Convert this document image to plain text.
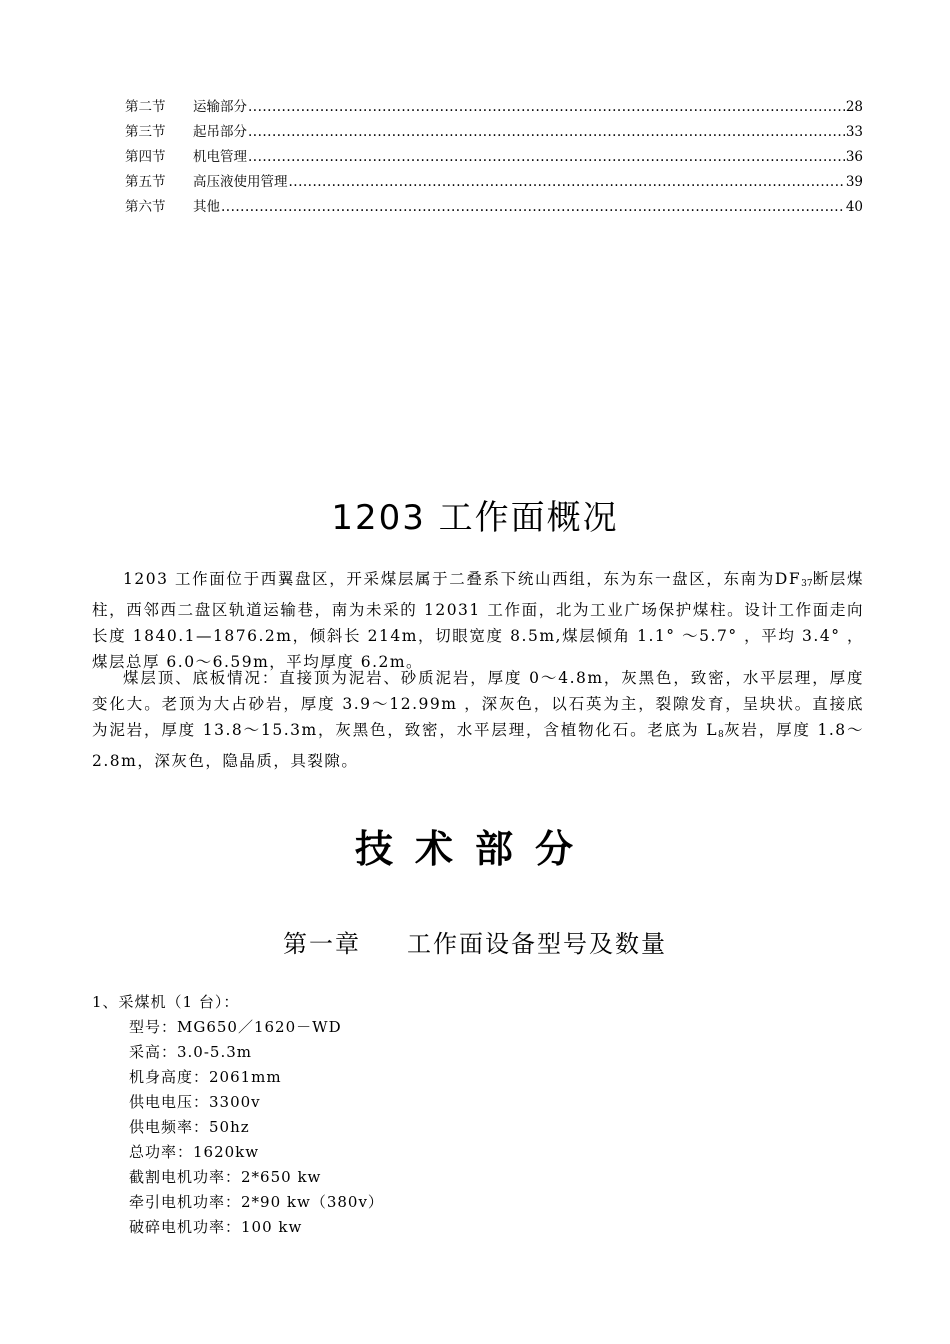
第二节	运输部分 .....	28
第三节	起吊部分 .....	33
第四节	机电管理 .....	36
第五节	高压液使用管理 .....	39
第六节	其他 .....	40
1203 工作面概况

1203 工作面位于西翼盘区，开采煤层属于二叠系下统山西组，东为东一盘区，东南为$DF_{37}$断层煤柱，西邻西二盘区轨道运输巷，南为未采的 12031 工作面，北为工业广场保护煤柱。设计工作面走向长度 1840.1—1876.2m，倾斜长 214m，切眼宽度 8.5m,煤层倾角 1.1° ～5.7° ，平均 3.4° ，煤层总厚 6.0～6.59m，平均厚度 6.2m。

煤层顶、底板情况：直接顶为泥岩、砂质泥岩，厚度 0～4.8m，灰黑色，致密，水平层理，厚度变化大。老顶为大占砂岩，厚度 3.9～12.99m ，深灰色，以石英为主，裂隙发育，呈块状。直接底为泥岩，厚度 13.8～15.3m，灰黑色，致密，水平层理，含植物化石。老底为 $L_8$灰岩，厚度 1.8～2.8m，深灰色，隐晶质，具裂隙。

技术部分
第一章 工作面设备型号及数量
1、采煤机（1 台）：
型号：MG650／1620－WD
采高：3.0-5.3m
机身高度：2061mm
供电电压：3300v
供电频率：50hz
总功率：1620kw
截割电机功率：2*650 kw
牵引电机功率：2*90 kw（380v）
破碎电机功率：100 kw
